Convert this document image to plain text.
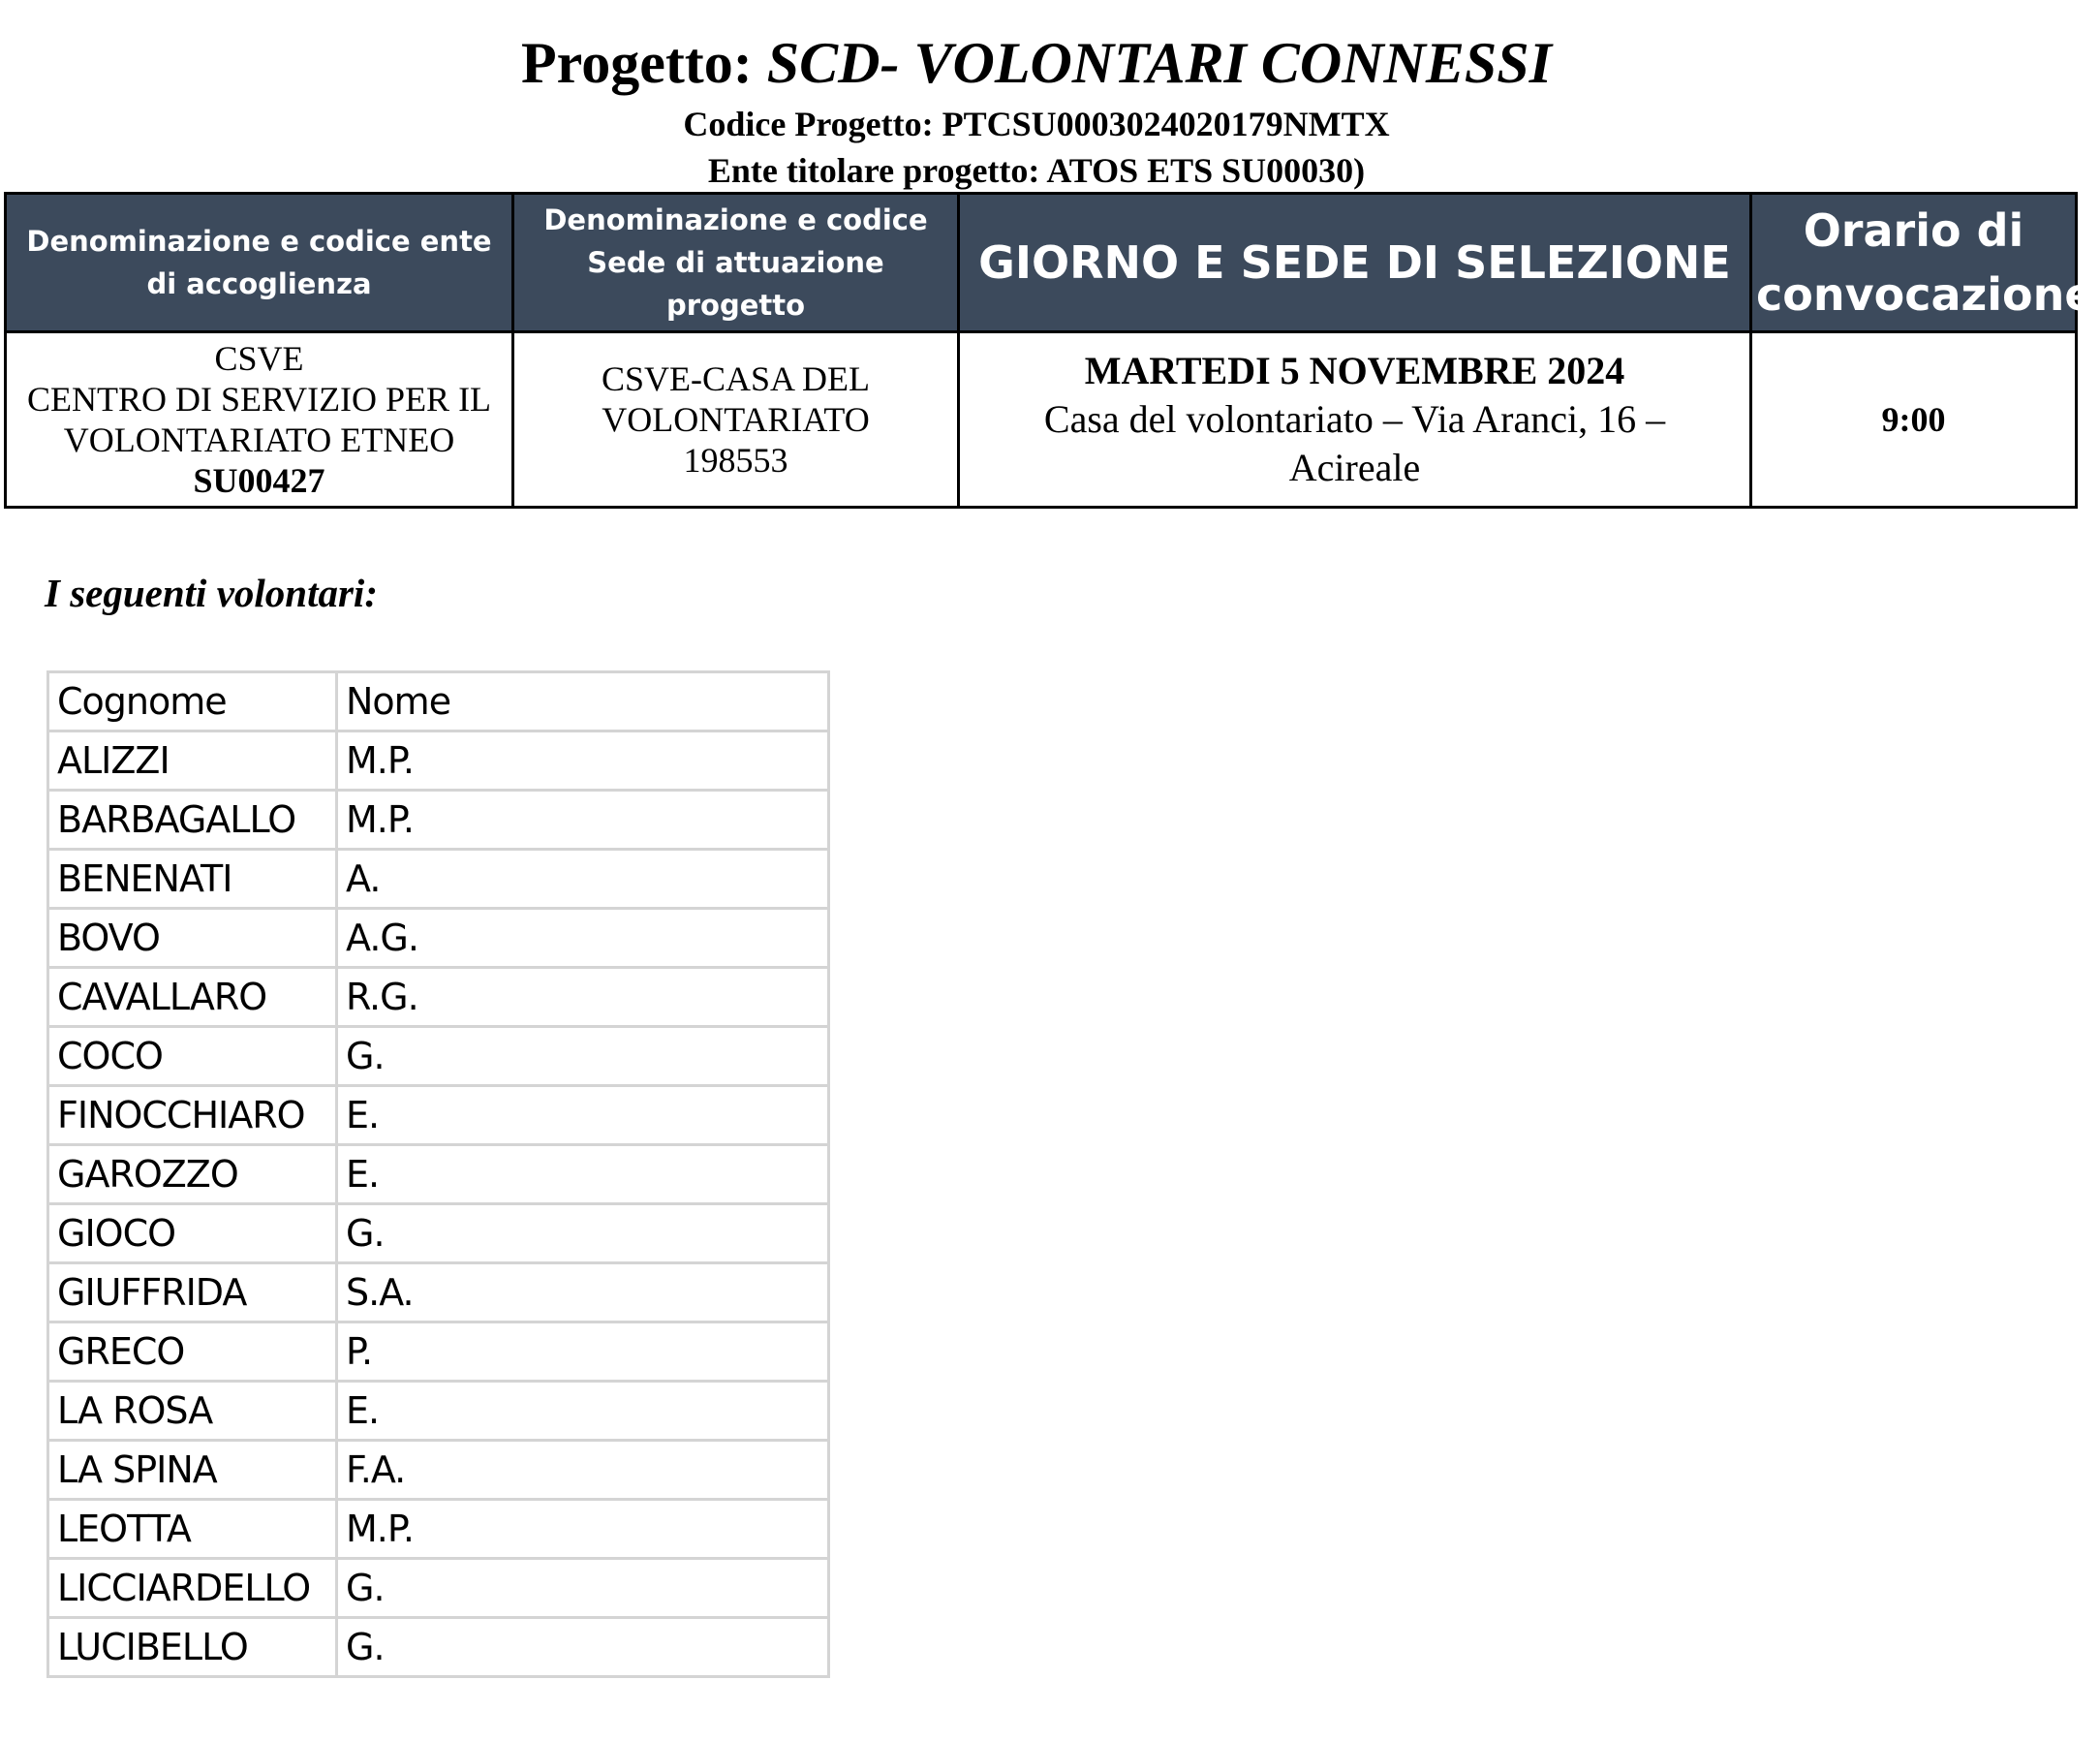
Progetto: SCD- VOLONTARI CONNESSI
Codice Progetto: PTCSU0003024020179NMTX
Ente titolare progetto: ATOS ETS SU00030)
Denominazione e codice ente di accoglienza	Denominazione e codice Sede di attuazione progetto	GIORNO E SEDE DI SELEZIONE	Orario di convocazione

CSVE
CENTRO DI SERVIZIO PER IL
VOLONTARIATO ETNEO
SU00427	CSVE-CASA DEL
VOLONTARIATO
198553	MARTEDI 5 NOVEMBRE 2024
Casa del volontariato – Via Aranci, 16 –
Acireale	9:00
I seguenti volontari:
Cognome	Nome
ALIZZI	M.P.
BARBAGALLO	M.P.
BENENATI	A.
BOVO	A.G.
CAVALLARO	R.G.
COCO	G.
FINOCCHIARO	E.
GAROZZO	E.
GIOCO	G.
GIUFFRIDA	S.A.
GRECO	P.
LA ROSA	E.
LA SPINA	F.A.
LEOTTA	M.P.
LICCIARDELLO	G.
LUCIBELLO	G.
